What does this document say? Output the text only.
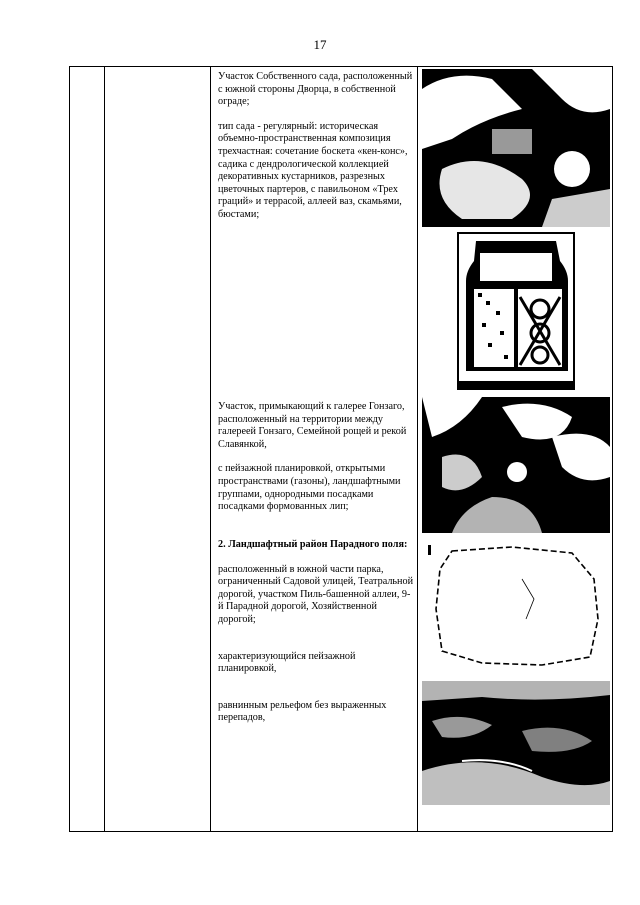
17

Участок Собственного сада, расположенный с южной стороны Дворца, в собственной ограде;

тип сада - регулярный: историческая объемно-пространственная композиция трехчастная: сочетание боскета «кен-конс», садика с дендрологической коллекцией декоративных кустарников, разрезных цветочных партеров, с павильоном «Трех граций» и террасой, аллеей ваз, скамьями, бюстами;

Участок, примыкающий к галерее Гонзаго, расположенный на территории между галереей Гонзаго, Семейной рощей и рекой Славянкой,

с пейзажной планировкой, открытыми пространствами (газоны), ландшафтными группами, однородными посадками посадками формованных лип;

2. Ландшафтный район Парадного поля:

расположенный в южной части парка, ограниченный Садовой улицей, Театральной дорогой, участком Пиль-башенной аллеи, 9-й Парадной дорогой, Хозяйственной дорогой;

характеризующийся пейзажной планировкой,

равнинным рельефом без выраженных перепадов,
